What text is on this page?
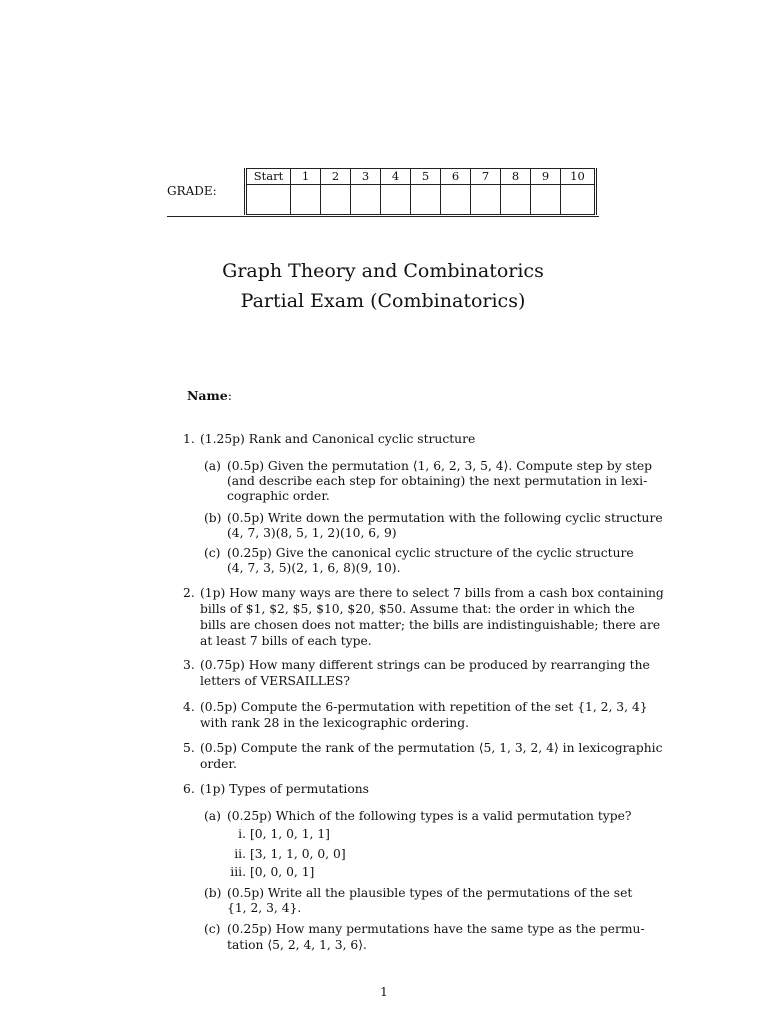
GRADE:
Start	1	2	3	4	5	6	7	8	9	10

Graph Theory and Combinatorics
Partial Exam (Combinatorics)
Name:
1. (1.25p) Rank and Canonical cyclic structure
(a) (0.5p) Given the permutation ⟨1, 6, 2, 3, 5, 4⟩. Compute step by step
(and describe each step for obtaining) the next permutation in lexi-
cographic order.
(b) (0.5p) Write down the permutation with the following cyclic structure
(4, 7, 3)(8, 5, 1, 2)(10, 6, 9)
(c) (0.25p) Give the canonical cyclic structure of the cyclic structure
(4, 7, 3, 5)(2, 1, 6, 8)(9, 10).
2. (1p) How many ways are there to select 7 bills from a cash box containing
bills of $1, $2, $5, $10, $20, $50. Assume that: the order in which the
bills are chosen does not matter; the bills are indistinguishable; there are
at least 7 bills of each type.
3. (0.75p) How many different strings can be produced by rearranging the
letters of VERSAILLES?
4. (0.5p) Compute the 6-permutation with repetition of the set {1, 2, 3, 4}
with rank 28 in the lexicographic ordering.
5. (0.5p) Compute the rank of the permutation ⟨5, 1, 3, 2, 4⟩ in lexicographic
order.
6. (1p) Types of permutations
(a) (0.25p) Which of the following types is a valid permutation type?
i. [0, 1, 0, 1, 1]
ii. [3, 1, 1, 0, 0, 0]
iii. [0, 0, 0, 1]
(b) (0.5p) Write all the plausible types of the permutations of the set
{1, 2, 3, 4}.
(c) (0.25p) How many permutations have the same type as the permu-
tation ⟨5, 2, 4, 1, 3, 6⟩.
1
